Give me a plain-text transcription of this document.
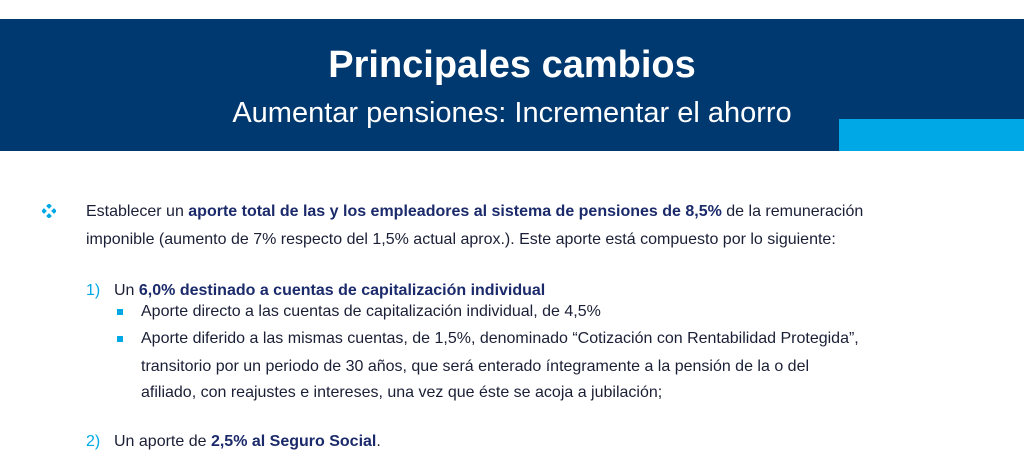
Principales cambios
Aumentar pensiones: Incrementar el ahorro
Establecer un aporte total de las y los empleadores al sistema de pensiones de 8,5% de la remuneración
imponible (aumento de 7% respecto del 1,5% actual aprox.). Este aporte está compuesto por lo siguiente:
1) Un 6,0% destinado a cuentas de capitalización individual
Aporte directo a las cuentas de capitalización individual, de 4,5%
Aporte diferido a las mismas cuentas, de 1,5%, denominado “Cotización con Rentabilidad Protegida”,
transitorio por un periodo de 30 años, que será enterado íntegramente a la pensión de la o del
afiliado, con reajustes e intereses, una vez que éste se acoja a jubilación;
2) Un aporte de 2,5% al Seguro Social.
